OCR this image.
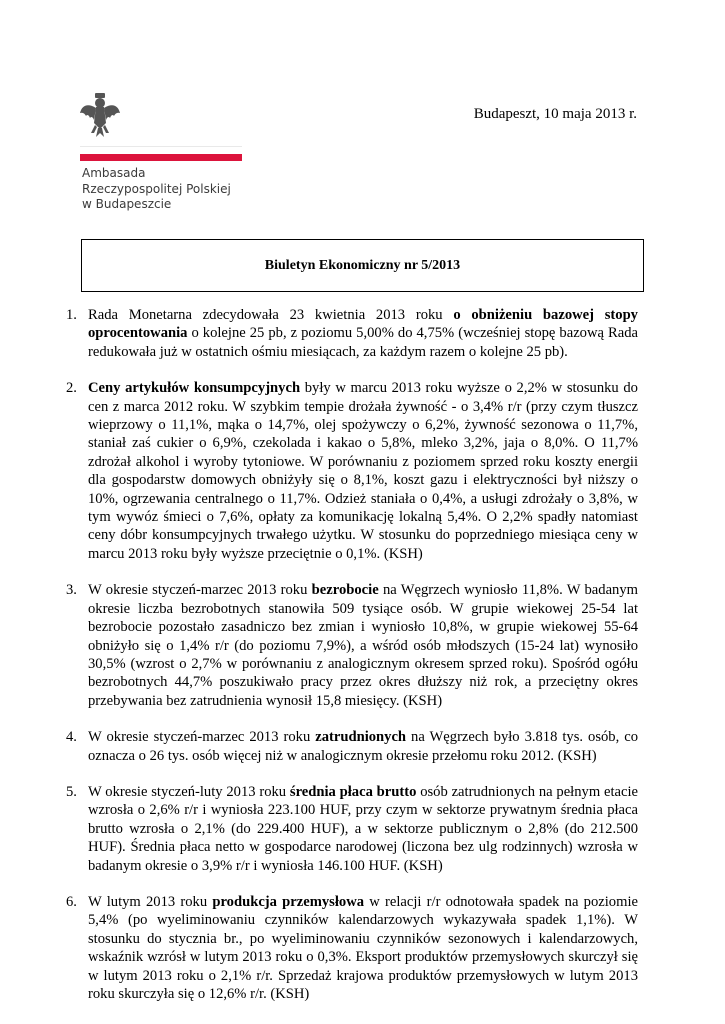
Ambasada
Rzeczypospolitej Polskiej
w Budapeszcie
Budapeszt, 10 maja 2013 r.
Biuletyn Ekonomiczny nr 5/2013
1. Rada Monetarna zdecydowała 23 kwietnia 2013 roku o obniżeniu bazowej stopy oprocentowania o kolejne 25 pb, z poziomu 5,00% do 4,75% (wcześniej stopę bazową Rada redukowała już w ostatnich ośmiu miesiącach, za każdym razem o kolejne 25 pb).
2. Ceny artykułów konsumpcyjnych były w marcu 2013 roku wyższe o 2,2% w stosunku do cen z marca 2012 roku. W szybkim tempie drożała żywność - o 3,4% r/r (przy czym tłuszcz wieprzowy o 11,1%, mąka o 14,7%, olej spożywczy o 6,2%, żywność sezonowa o 11,7%, staniał zaś cukier o 6,9%, czekolada i kakao o 5,8%, mleko 3,2%, jaja o 8,0%. O 11,7% zdrożał alkohol i wyroby tytoniowe. W porównaniu z poziomem sprzed roku koszty energii dla gospodarstw domowych obniżyły się o 8,1%, koszt gazu i elektryczności był niższy o 10%, ogrzewania centralnego o 11,7%. Odzież staniała o 0,4%, a usługi zdrożały o 3,8%, w tym wywóz śmieci o 7,6%, opłaty za komunikację lokalną 5,4%. O 2,2% spadły natomiast ceny dóbr konsumpcyjnych trwałego użytku. W stosunku do poprzedniego miesiąca ceny w marcu 2013 roku były wyższe przeciętnie o 0,1%. (KSH)
3. W okresie styczeń-marzec 2013 roku bezrobocie na Węgrzech wyniosło 11,8%. W badanym okresie liczba bezrobotnych stanowiła 509 tysiące osób. W grupie wiekowej 25-54 lat bezrobocie pozostało zasadniczo bez zmian i wyniosło 10,8%, w grupie wiekowej 55-64 obniżyło się o 1,4% r/r (do poziomu 7,9%), a wśród osób młodszych (15-24 lat) wynosiło 30,5% (wzrost o 2,7% w porównaniu z analogicznym okresem sprzed roku). Spośród ogółu bezrobotnych 44,7% poszukiwało pracy przez okres dłuższy niż rok, a przeciętny okres przebywania bez zatrudnienia wynosił 15,8 miesięcy. (KSH)
4. W okresie styczeń-marzec 2013 roku zatrudnionych na Węgrzech było 3.818 tys. osób, co oznacza o 26 tys. osób więcej niż w analogicznym okresie przełomu roku 2012. (KSH)
5. W okresie styczeń-luty 2013 roku średnia płaca brutto osób zatrudnionych na pełnym etacie wzrosła o 2,6% r/r i wyniosła 223.100 HUF, przy czym w sektorze prywatnym średnia płaca brutto wzrosła o 2,1% (do 229.400 HUF), a w sektorze publicznym o 2,8% (do 212.500 HUF). Średnia płaca netto w gospodarce narodowej (liczona bez ulg rodzinnych) wzrosła w badanym okresie o 3,9% r/r i wyniosła 146.100 HUF. (KSH)
6. W lutym 2013 roku produkcja przemysłowa w relacji r/r odnotowała spadek na poziomie 5,4% (po wyeliminowaniu czynników kalendarzowych wykazywała spadek 1,1%). W stosunku do stycznia br., po wyeliminowaniu czynników sezonowych i kalendarzowych, wskaźnik wzrósł w lutym 2013 roku o 0,3%. Eksport produktów przemysłowych skurczył się w lutym 2013 roku o 2,1% r/r. Sprzedaż krajowa produktów przemysłowych w lutym 2013 roku skurczyła się o 12,6% r/r. (KSH)
